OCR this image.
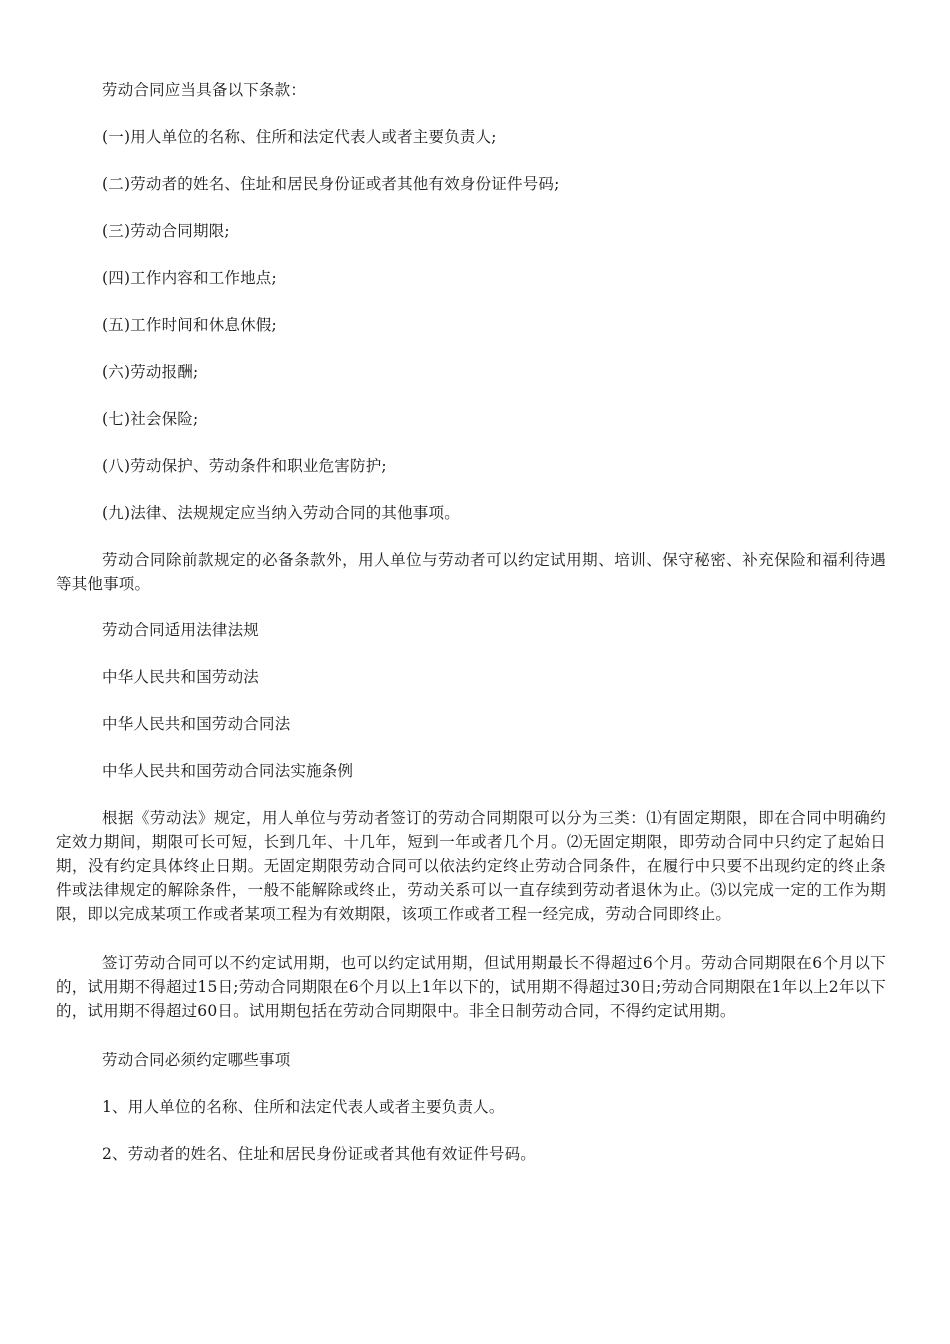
劳动合同应当具备以下条款：

(一)用人单位的名称、住所和法定代表人或者主要负责人;

(二)劳动者的姓名、住址和居民身份证或者其他有效身份证件号码;

(三)劳动合同期限;

(四)工作内容和工作地点;

(五)工作时间和休息休假;

(六)劳动报酬;

(七)社会保险;

(八)劳动保护、劳动条件和职业危害防护;

(九)法律、法规规定应当纳入劳动合同的其他事项。

劳动合同除前款规定的必备条款外，用人单位与劳动者可以约定试用期、培训、保守秘密、补充保险和福利待遇等其他事项。

劳动合同适用法律法规

中华人民共和国劳动法

中华人民共和国劳动合同法

中华人民共和国劳动合同法实施条例

根据《劳动法》规定，用人单位与劳动者签订的劳动合同期限可以分为三类：⑴有固定期限，即在合同中明确约定效力期间，期限可长可短，长到几年、十几年，短到一年或者几个月。⑵无固定期限，即劳动合同中只约定了起始日期，没有约定具体终止日期。无固定期限劳动合同可以依法约定终止劳动合同条件，在履行中只要不出现约定的终止条件或法律规定的解除条件，一般不能解除或终止，劳动关系可以一直存续到劳动者退休为止。⑶以完成一定的工作为期限，即以完成某项工作或者某项工程为有效期限，该项工作或者工程一经完成，劳动合同即终止。

签订劳动合同可以不约定试用期，也可以约定试用期，但试用期最长不得超过6个月。劳动合同期限在6个月以下的，试用期不得超过15日;劳动合同期限在6个月以上1年以下的，试用期不得超过30日;劳动合同期限在1年以上2年以下的，试用期不得超过60日。试用期包括在劳动合同期限中。非全日制劳动合同，不得约定试用期。

劳动合同必须约定哪些事项

1、用人单位的名称、住所和法定代表人或者主要负责人。

2、劳动者的姓名、住址和居民身份证或者其他有效证件号码。
